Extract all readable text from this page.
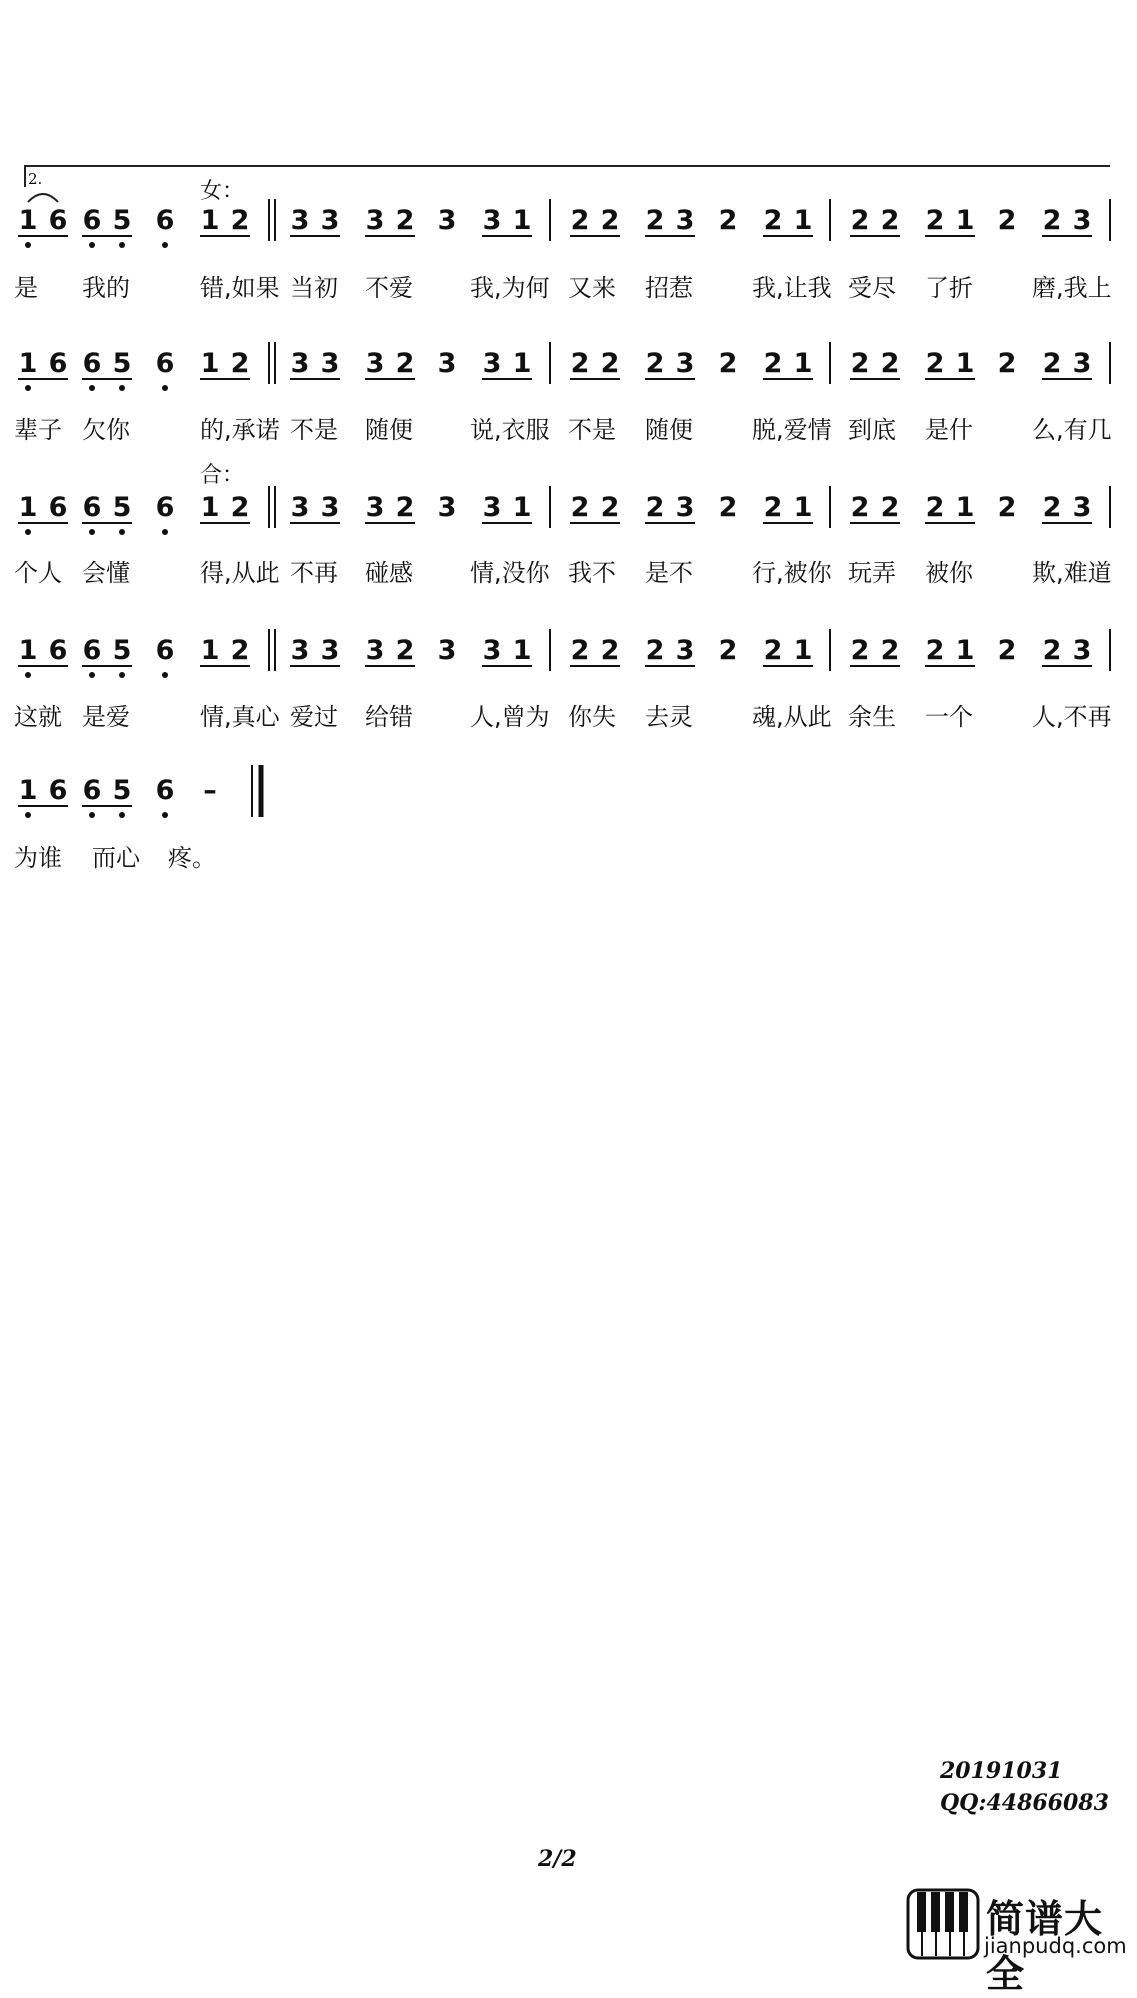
2.	女：
合：
1 6 6 5 6 1 2 3 3 3 2 3 3 1 2 2 2 3 2 2 1 2 2 2 1 2 2 3
是 我的	错,如果 当初 不爱 我,为何 又来 招惹 我,让我 受尽 了折 磨,我上
1 6 6 5 6 1 2 3 3 3 2 3 3 1 2 2 2 3 2 2 1 2 2 2 1 2 2 3
辈子 欠你	的,承诺 不是 随便 说,衣服 不是 随便 脱,爱情 到底 是什 么,有几
1 6 6 5 6 1 2 3 3 3 2 3 3 1 2 2 2 3 2 2 1 2 2 2 1 2 2 3
个人 会懂	得,从此 不再 碰感 情,没你 我不 是不 行,被你 玩弄 被你 欺,难道
1 6 6 5 6 1 2 3 3 3 2 3 3 1 2 2 2 3 2 2 1 2 2 2 1 2 2 3
这就 是爱	情,真心 爱过 给错 人,曾为 你失 去灵 魂,从此 余生 一个 人,不再
1 6 6 5 6 –
为谁 而心 疼。
20191031
QQ:44866083
2/2
简谱大全
jianpudq.com
